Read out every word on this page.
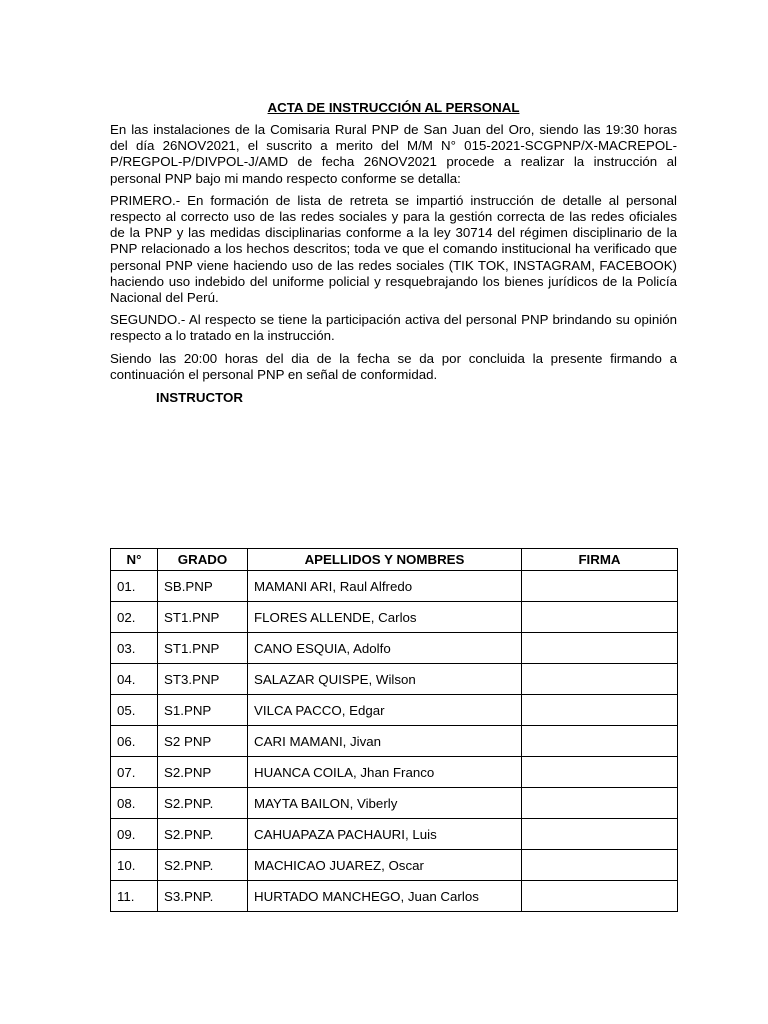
ACTA DE INSTRUCCIÓN AL PERSONAL

En las instalaciones de la Comisaria Rural PNP de San Juan del Oro, siendo las 19:30 horas del día 26NOV2021, el suscrito a merito del M/M N° 015-2021-SCGPNP/X-MACREPOL-P/REGPOL-P/DIVPOL-J/AMD de fecha 26NOV2021 procede a realizar la instrucción al personal PNP bajo mi mando respecto conforme se detalla:

PRIMERO.- En formación de lista de retreta se impartió instrucción de detalle al personal respecto al correcto uso de las redes sociales y para la gestión correcta de las redes oficiales de la PNP y las medidas disciplinarias conforme a la ley 30714 del régimen disciplinario de la PNP relacionado a los hechos descritos; toda ve que el comando institucional ha verificado que personal PNP viene haciendo uso de las redes sociales (TIK TOK, INSTAGRAM, FACEBOOK) haciendo uso indebido del uniforme policial y resquebrajando los bienes jurídicos de la Policía Nacional del Perú.

SEGUNDO.- Al respecto se tiene la participación activa del personal PNP brindando su opinión respecto a lo tratado en la instrucción.

Siendo las 20:00 horas del dia de la fecha se da por concluida la presente firmando a continuación el personal PNP en señal de conformidad.

INSTRUCTOR
N°	GRADO	APELLIDOS Y NOMBRES	FIRMA
01.	SB.PNP	MAMANI ARI, Raul Alfredo	
02.	ST1.PNP	FLORES ALLENDE, Carlos	
03.	ST1.PNP	CANO ESQUIA, Adolfo	
04.	ST3.PNP	SALAZAR QUISPE, Wilson	
05.	S1.PNP	VILCA PACCO, Edgar	
06.	S2 PNP	CARI MAMANI, Jivan	
07.	S2.PNP	HUANCA COILA, Jhan Franco	
08.	S2.PNP.	MAYTA BAILON, Viberly	
09.	S2.PNP.	CAHUAPAZA PACHAURI, Luis	
10.	S2.PNP.	MACHICAO JUAREZ, Oscar	
11.	S3.PNP.	HURTADO MANCHEGO, Juan Carlos	
